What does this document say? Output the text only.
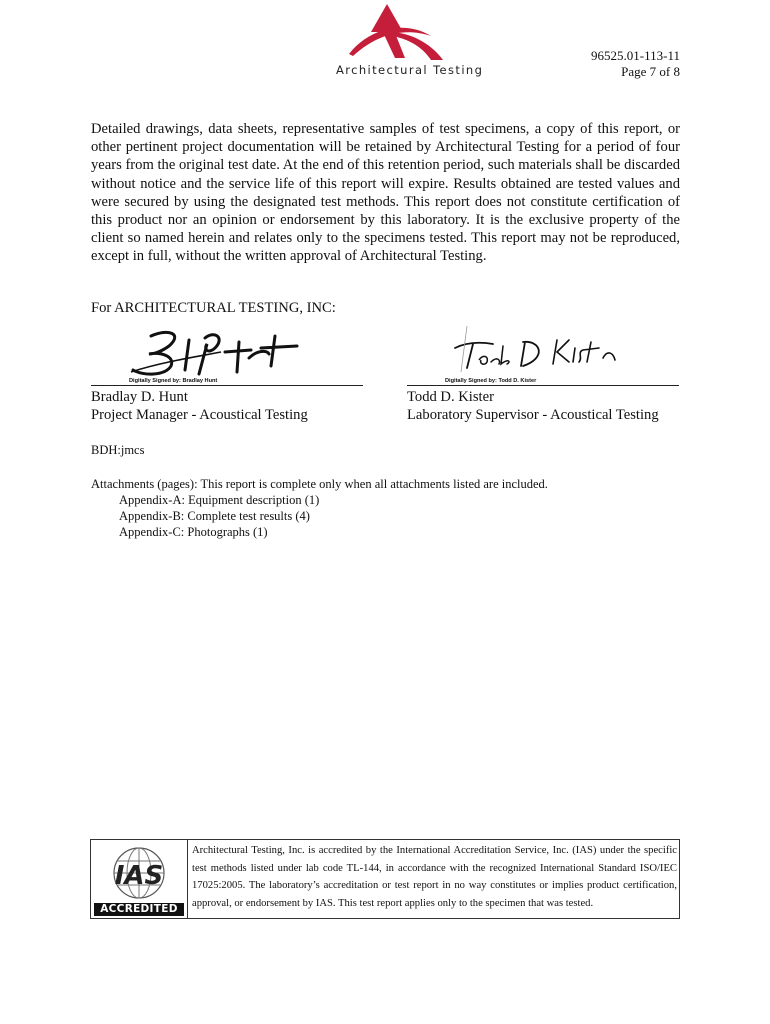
Architectural Testing
96525.01-113-11
Page 7 of 8
Detailed drawings, data sheets, representative samples of test specimens, a copy of this report, or other pertinent project documentation will be retained by Architectural Testing for a period of four years from the original test date. At the end of this retention period, such materials shall be discarded without notice and the service life of this report will expire. Results obtained are tested values and were secured by using the designated test methods. This report does not constitute certification of this product nor an opinion or endorsement by this laboratory. It is the exclusive property of the client so named herein and relates only to the specimens tested. This report may not be reproduced, except in full, without the written approval of Architectural Testing.
For ARCHITECTURAL TESTING, INC:
Digitally Signed by: Bradlay Hunt
Bradlay D. Hunt
Project Manager - Acoustical Testing
Digitally Signed by: Todd D. Kister
Todd D. Kister
Laboratory Supervisor - Acoustical Testing
BDH:jmcs
Attachments (pages): This report is complete only when all attachments listed are included.
Appendix-A: Equipment description (1)
Appendix-B: Complete test results (4)
Appendix-C: Photographs (1)
IAS
ACCREDITED
Architectural Testing, Inc. is accredited by the International Accreditation Service, Inc. (IAS) under the specific test methods listed under lab code TL-144, in accordance with the recognized International Standard ISO/IEC 17025:2005. The laboratory’s accreditation or test report in no way constitutes or implies product certification, approval, or endorsement by IAS. This test report applies only to the specimen that was tested.
